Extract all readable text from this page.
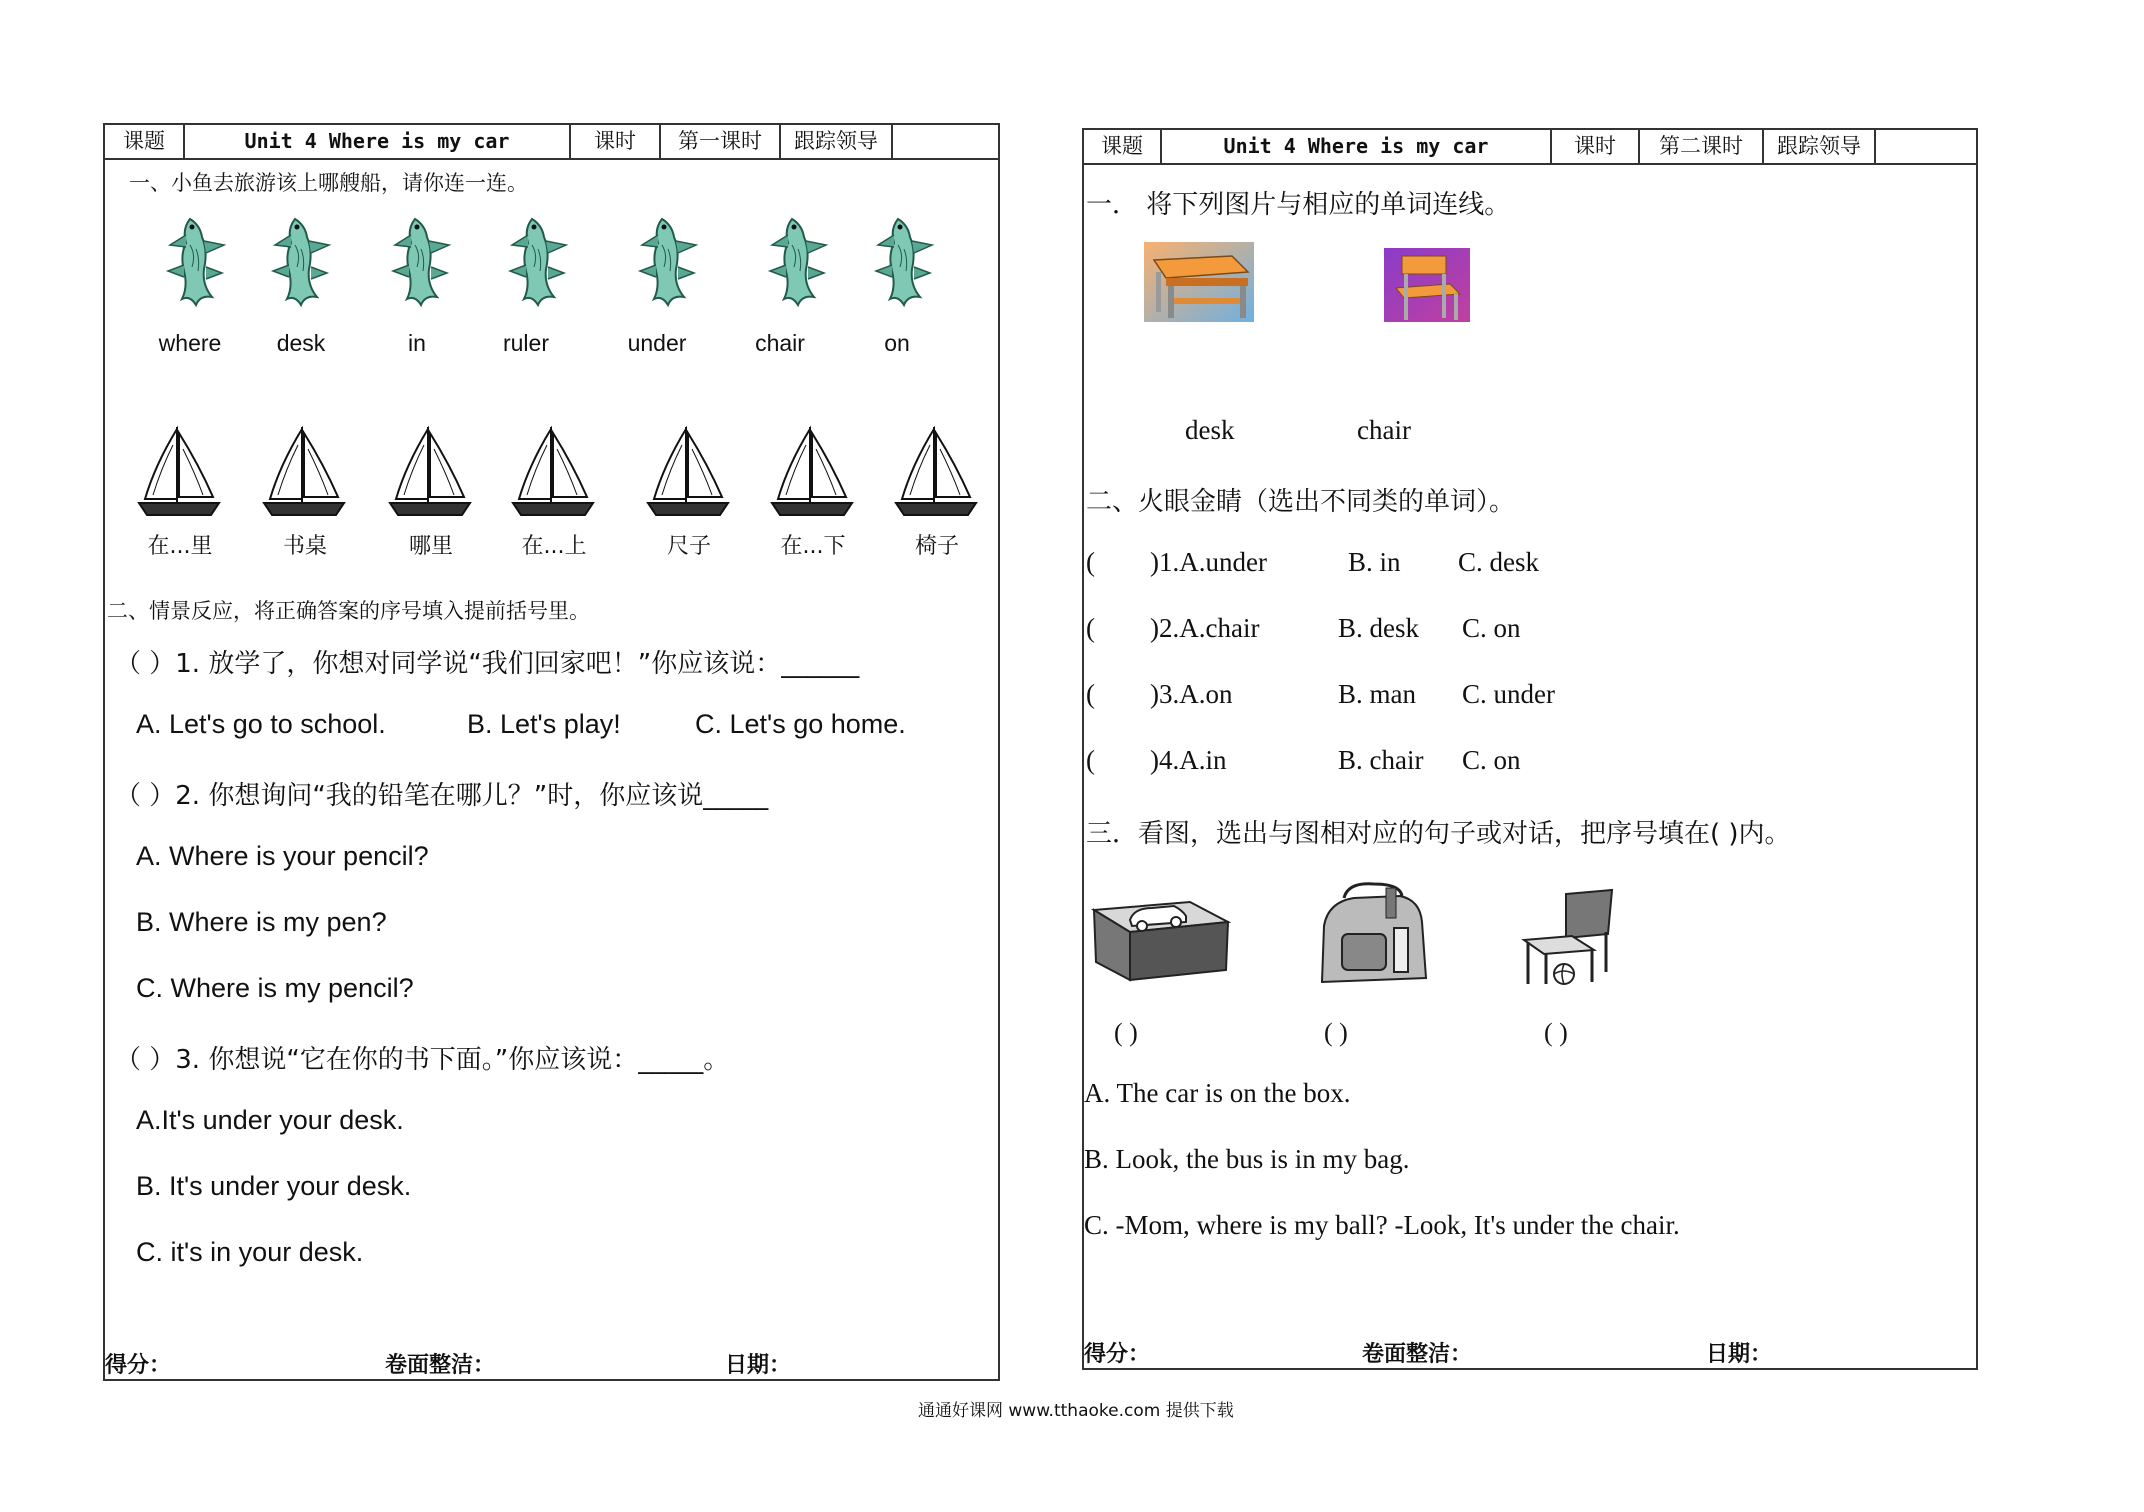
课题	Unit 4 Where is my car	课时	第一课时	跟踪领导
一、小鱼去旅游该上哪艘船，请你连一连。
where	desk	in	ruler	under	chair	on
在...里	书桌	哪里	在...上	尺子	在...下	椅子
二、情景反应，将正确答案的序号填入提前括号里。
（ ）1. 放学了，你想对同学说“我们回家吧！”你应该说：______
A. Let's go to school.	B. Let's play!	C. Let's go home.
（ ）2. 你想询问“我的铅笔在哪儿？”时，你应该说_____
A. Where is your pencil?
B. Where is my pen?
C. Where is my pencil?
（ ）3. 你想说“它在你的书下面。”你应该说：_____。
A.It's under your desk.
B. It's under your desk.
C. it's in your desk.
得分：	卷面整洁：	日期：
课题	Unit 4 Where is my car	课时	第二课时	跟踪领导
一． 将下列图片与相应的单词连线。
desk	chair
二、火眼金睛（选出不同类的单词）。
( )1.A.under	B. in C. desk
( )2.A.chair	B. desk C. on
( )3.A.on	B. man C. under
( )4.A.in	B. chair C. on
三．看图，选出与图相对应的句子或对话，把序号填在( )内。
( )	( )	( )
A. The car is on the box.
B. Look, the bus is in my bag.
C. -Mom, where is my ball? -Look, It's under the chair.
得分：	卷面整洁：	日期：
通通好课网 www.tthaoke.com 提供下载
